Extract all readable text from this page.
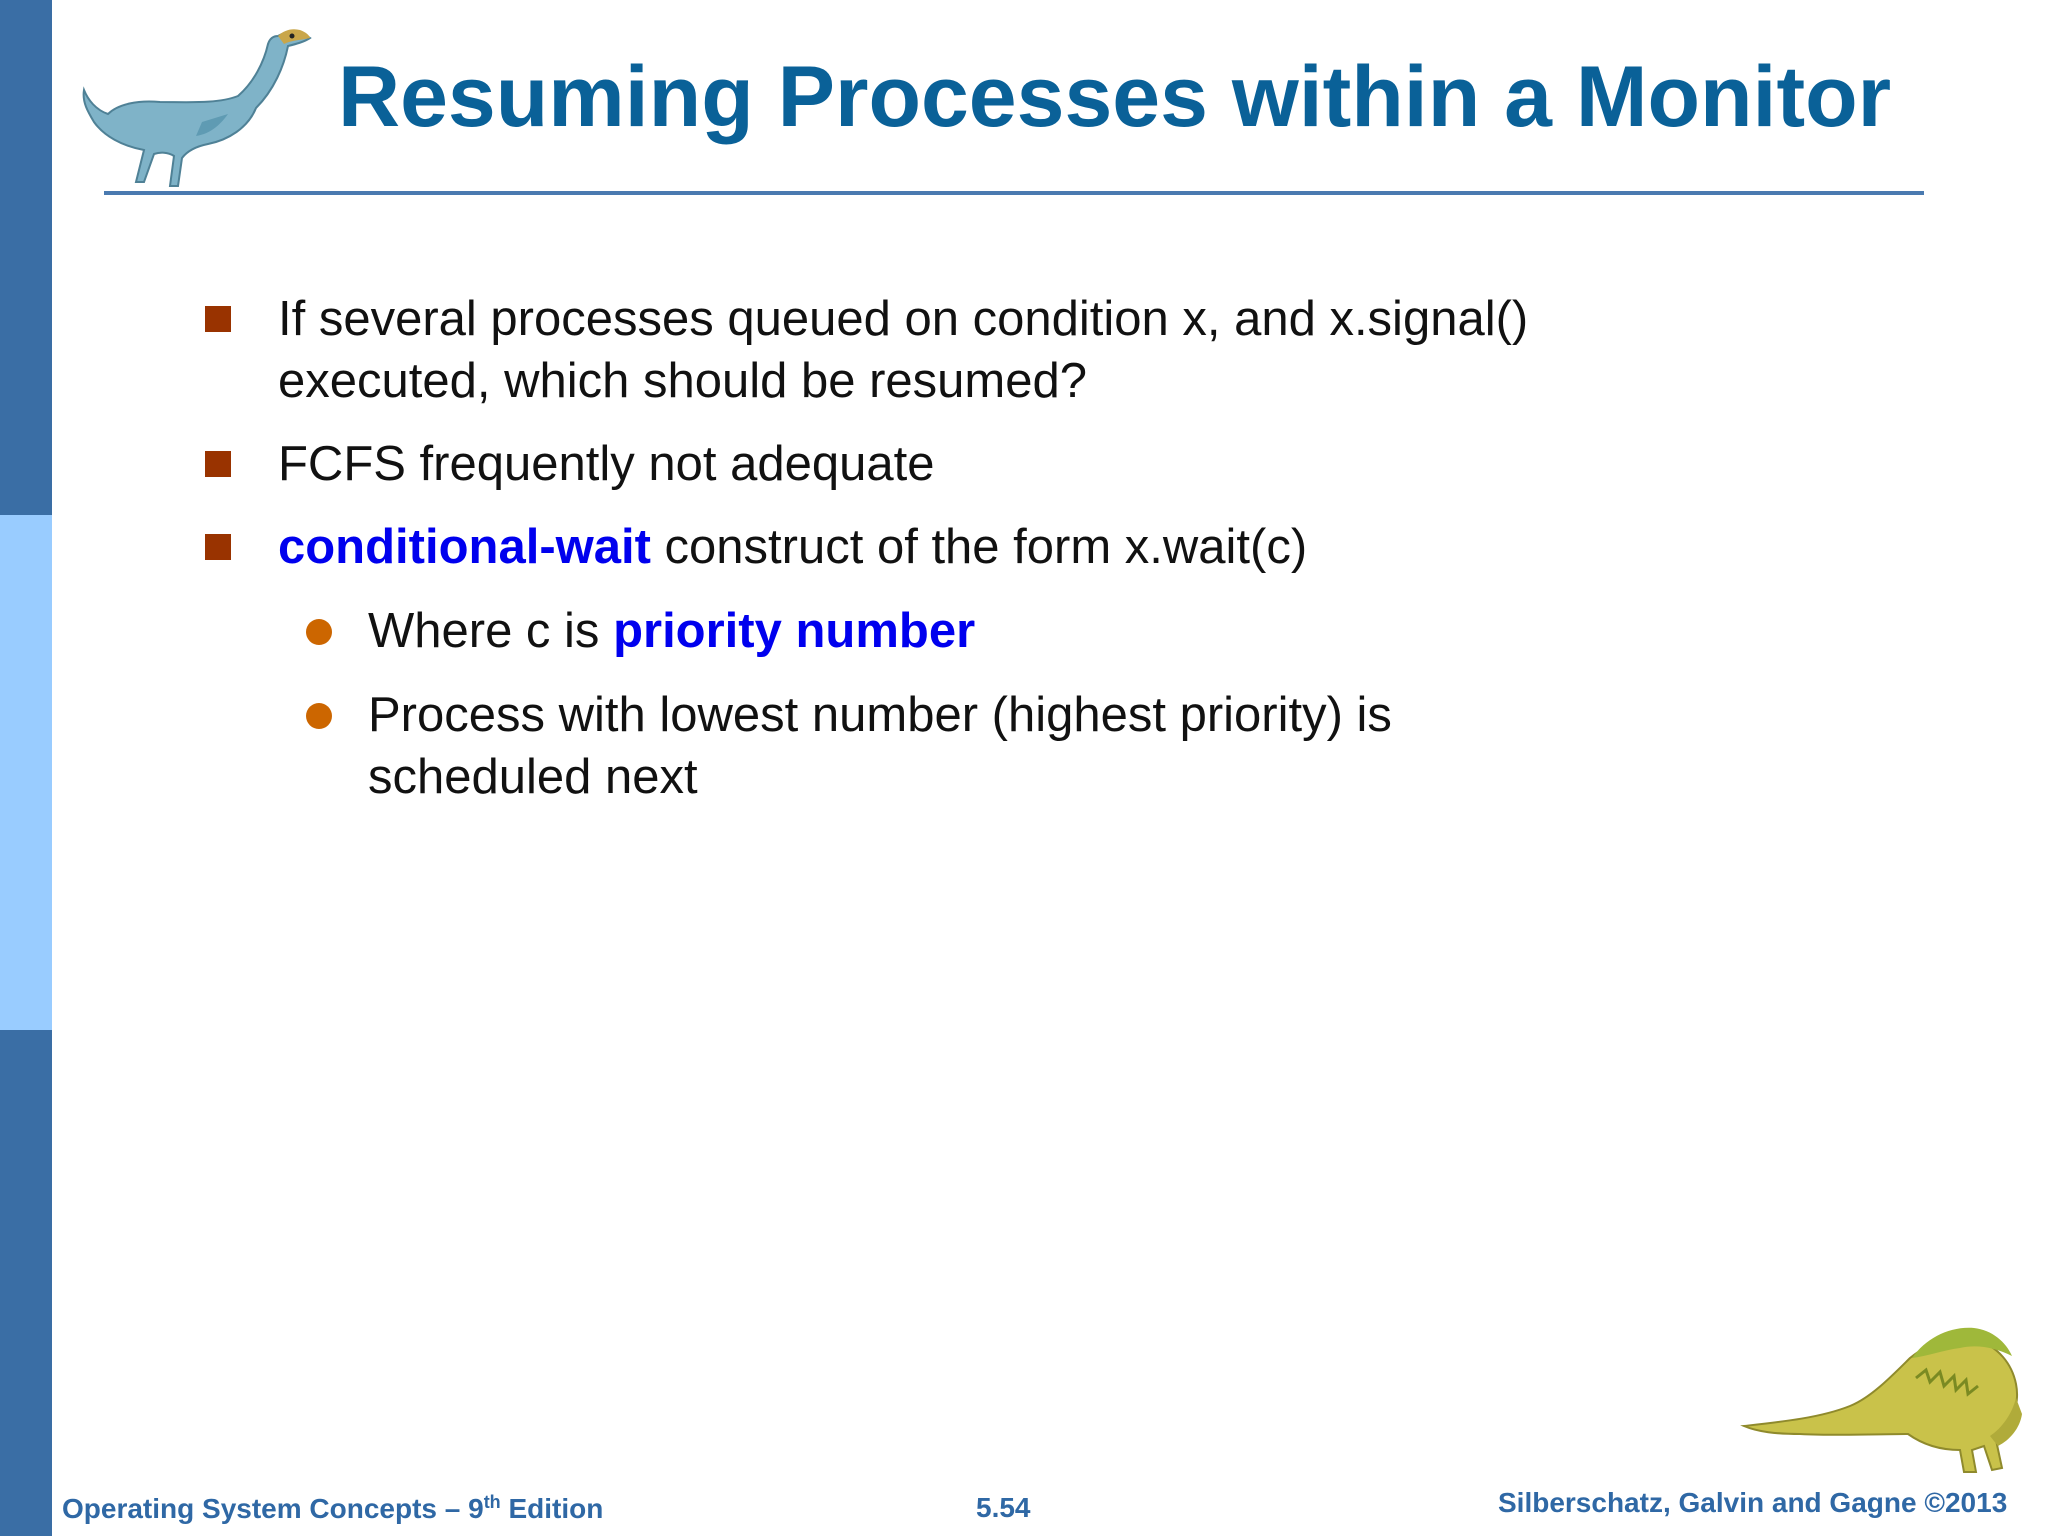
Resuming Processes within a Monitor
If several processes queued on condition x, and x.signal()
executed, which should be resumed?
FCFS frequently not adequate
conditional-wait construct of the form x.wait(c)
Where c is priority number
Process with lowest number (highest priority) is
scheduled next
Operating System Concepts – 9th Edition	5.54	Silberschatz, Galvin and Gagne ©2013
